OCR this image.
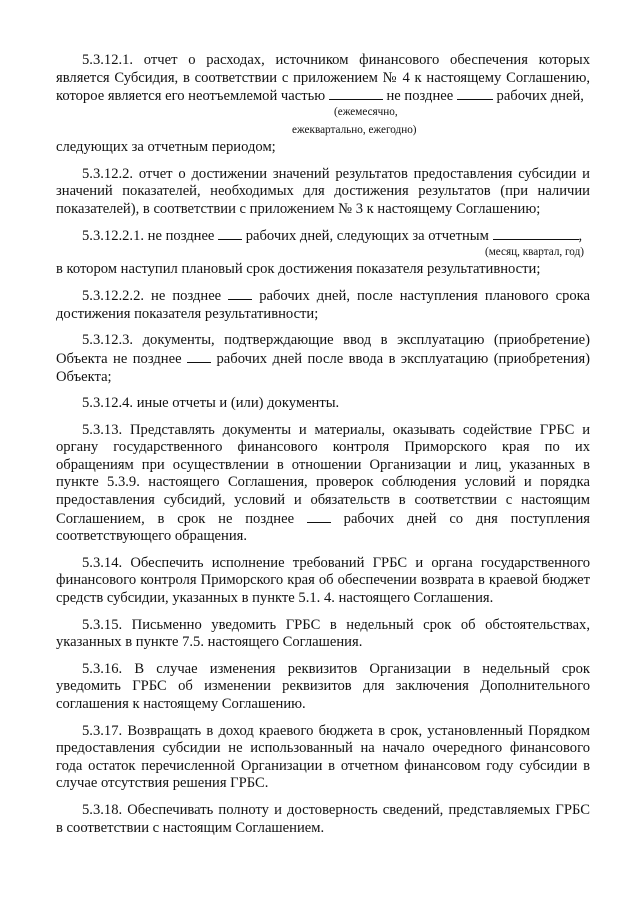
5.3.12.1. отчет о расходах, источником финансового обеспечения которых является Субсидия, в соответствии с приложением № 4 к настоящему Соглашению, которое является его неотъемлемой частью	не позднее	рабочих дней,

(ежемесячно,

ежеквартально, ежегодно)

следующих за отчетным периодом;

5.3.12.2. отчет о достижении значений результатов предоставления субсидии и значений показателей, необходимых для достижения результатов (при наличии показателей), в соответствии с приложением № 3 к настоящему Соглашению;

5.3.12.2.1. не позднее рабочих дней, следующих за отчетным	,

(месяц, квартал, год)

в котором наступил плановый срок достижения показателя результативности;

5.3.12.2.2. не позднее	рабочих дней, после наступления планового срока достижения показателя результативности;

5.3.12.3. документы, подтверждающие ввод в эксплуатацию (приобретение) Объекта не позднее рабочих дней после ввода в эксплуатацию (приобретения) Объекта;

5.3.12.4. иные отчеты и (или) документы.

5.3.13. Представлять документы и материалы, оказывать содействие ГРБС и органу государственного финансового контроля Приморского края по их обращениям при осуществлении в отношении Организации и лиц, указанных в пункте 5.3.9. настоящего Соглашения, проверок соблюдения условий и порядка предоставления субсидий, условий и обязательств в соответствии с настоящим Соглашением, в срок не позднее	рабочих дней со дня поступления соответствующего обращения.

5.3.14. Обеспечить исполнение требований ГРБС и органа государственного финансового контроля Приморского края об обеспечении возврата в краевой бюджет средств субсидии, указанных в пункте 5.1. 4. настоящего Соглашения.

5.3.15. Письменно уведомить ГРБС в недельный срок об обстоятельствах, указанных в пункте 7.5. настоящего Соглашения.

5.3.16. В случае изменения реквизитов Организации в недельный срок уведомить ГРБС об изменении реквизитов для заключения Дополнительного соглашения к настоящему Соглашению.

5.3.17. Возвращать в доход краевого бюджета в срок, установленный Порядком предоставления субсидии не использованный на начало очередного финансового года остаток перечисленной Организации в отчетном финансовом году субсидии в случае отсутствия решения ГРБС.

5.3.18. Обеспечивать полноту и достоверность сведений, представляемых ГРБС в соответствии с настоящим Соглашением.
